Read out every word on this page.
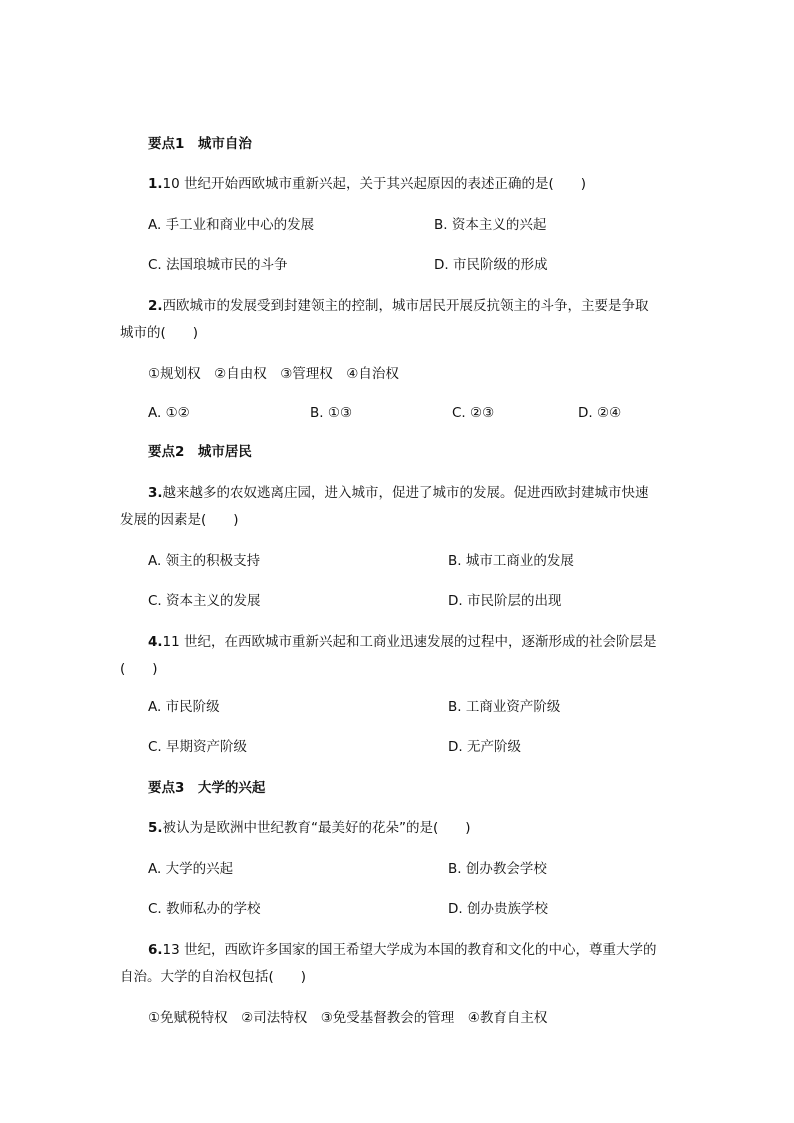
要点1　城市自治
1.10 世纪开始西欧城市重新兴起，关于其兴起原因的表述正确的是(　　)
A. 手工业和商业中心的发展	B. 资本主义的兴起
C. 法国琅城市民的斗争	D. 市民阶级的形成
2.西欧城市的发展受到封建领主的控制，城市居民开展反抗领主的斗争，主要是争取
城市的(　　)
①规划权　②自由权　③管理权　④自治权
A. ①②	B. ①③	C. ②③	D. ②④
要点2　城市居民
3.越来越多的农奴逃离庄园，进入城市，促进了城市的发展。促进西欧封建城市快速
发展的因素是(　　)
A. 领主的积极支持	B. 城市工商业的发展
C. 资本主义的发展	D. 市民阶层的出现
4.11 世纪，在西欧城市重新兴起和工商业迅速发展的过程中，逐渐形成的社会阶层是
(　　)
A. 市民阶级	B. 工商业资产阶级
C. 早期资产阶级	D. 无产阶级
要点3　大学的兴起
5.被认为是欧洲中世纪教育“最美好的花朵”的是(　　)
A. 大学的兴起	B. 创办教会学校
C. 教师私办的学校	D. 创办贵族学校
6.13 世纪，西欧许多国家的国王希望大学成为本国的教育和文化的中心，尊重大学的
自治。大学的自治权包括(　　)
①免赋税特权　②司法特权　③免受基督教会的管理　④教育自主权
